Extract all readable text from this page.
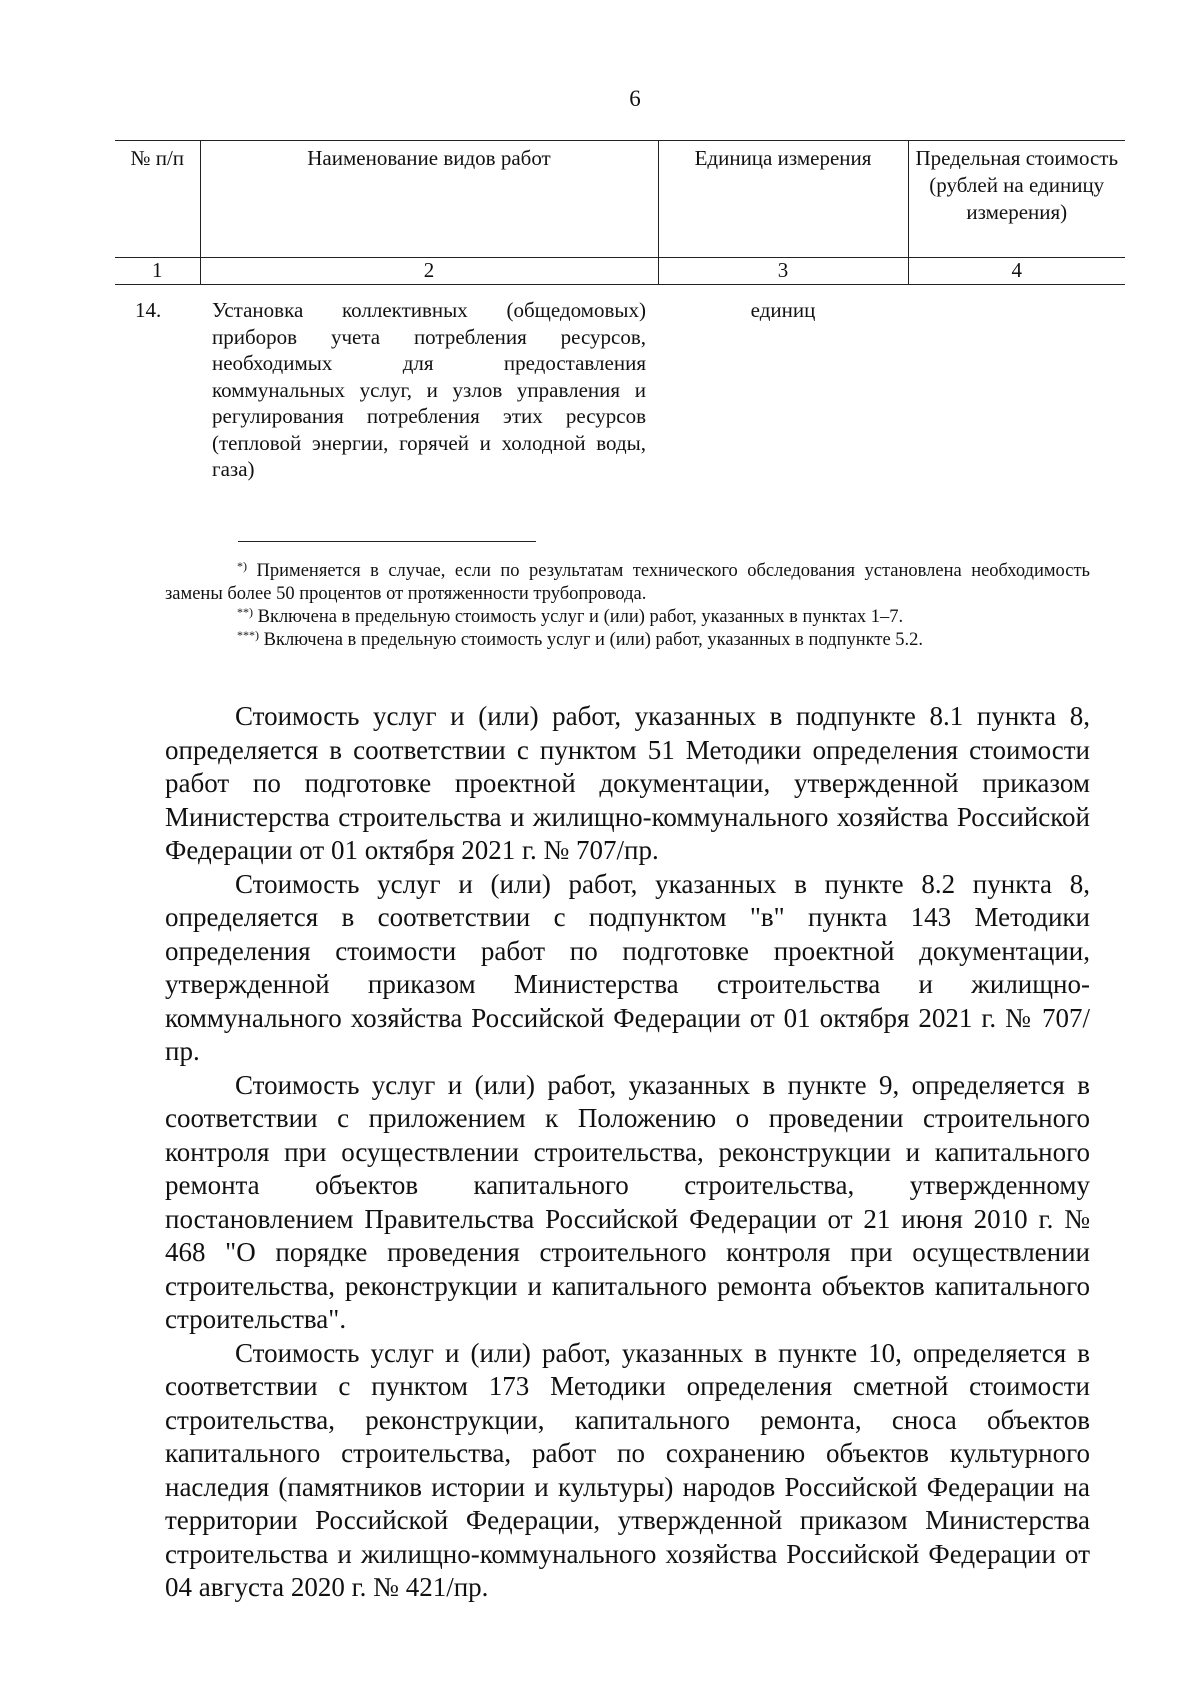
6
№ п/п	Наименование видов работ	Единица измерения	Предельная стоимость (рублей на единицу измерения)
1	2	3	4
14.	Установка коллективных (общедомовых) приборов учета потребления ресурсов, необходимых для предоставления коммунальных услуг, и узлов управления и регулирования потребления этих ресурсов (тепловой энергии, горячей и холодной воды, газа)	единиц	

*) Применяется в случае, если по результатам технического обследования установлена необходимость замены более 50 процентов от протяженности трубопровода.

**) Включена в предельную стоимость услуг и (или) работ, указанных в пунктах 1–7.

***) Включена в предельную стоимость услуг и (или) работ, указанных в подпункте 5.2.

Стоимость услуг и (или) работ, указанных в подпункте 8.1 пункта 8, определяется в соответствии с пунктом 51 Методики определения стоимости работ по подготовке проектной документации, утвержденной приказом Министерства строительства и жилищно-коммунального хозяйства Российской Федерации от 01 октября 2021 г. № 707/пр.

Стоимость услуг и (или) работ, указанных в пункте 8.2 пункта 8, определяется в соответствии с подпунктом "в" пункта 143 Методики определения стоимости работ по подготовке проектной документации, утвержденной приказом Министерства строительства и жилищно-коммунального хозяйства Российской Федерации от 01 октября 2021 г. № 707/пр.

Стоимость услуг и (или) работ, указанных в пункте 9, определяется в соответствии с приложением к Положению о проведении строительного контроля при осуществлении строительства, реконструкции и капитального ремонта объектов капитального строительства, утвержденному постановлением Правительства Российской Федерации от 21 июня 2010 г. № 468 "О порядке проведения строительного контроля при осуществлении строительства, реконструкции и капитального ремонта объектов капитального строительства".

Стоимость услуг и (или) работ, указанных в пункте 10, определяется в соответствии с пунктом 173 Методики определения сметной стоимости строительства, реконструкции, капитального ремонта, сноса объектов капитального строительства, работ по сохранению объектов культурного наследия (памятников истории и культуры) народов Российской Федерации на территории Российской Федерации, утвержденной приказом Министерства строительства и жилищно-коммунального хозяйства Российской Федерации от 04 августа 2020 г. № 421/пр.
